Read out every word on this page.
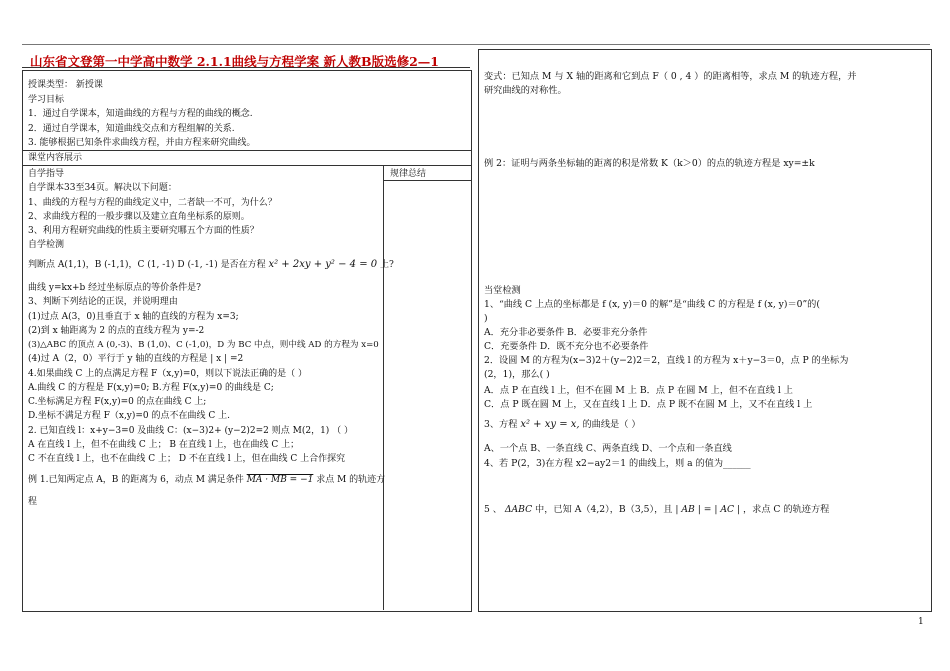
山东省文登第一中学高中数学 2.1.1曲线与方程学案 新人教B版选修2—1
授课类型： 新授课
学习目标
1．通过自学课本，知道曲线的方程与方程的曲线的概念.
2．通过自学课本，知道曲线交点和方程组解的关系.
3. 能够根据已知条件求曲线方程，并由方程来研究曲线。
课堂内容展示
规律总结
自学指导
自学课本33至34页。解决以下问题：
1、曲线的方程与方程的曲线定义中，二者缺一不可，为什么？
2、求曲线方程的一般步骤以及建立直角坐标系的原则。
3、利用方程研究曲线的性质主要研究哪五个方面的性质？
自学检测
判断点 A(1,1)，B (-1,1)，C (1, -1) D (-1, -1) 是否在方程 x² + 2xy + y² − 4 = 0 上?
曲线 y=kx+b 经过坐标原点的等价条件是?
3、判断下列结论的正误，并说明理由
(1)过点 A(3，0)且垂直于 x 轴的直线的方程为 x=3;
(2)到 x 轴距离为 2 的点的直线方程为 y=-2
(3)△ABC 的顶点 A (0,-3)、B (1,0)、C (-1,0)，D 为 BC 中点，则中线 AD 的方程为 x=0
(4)过 A（2，0）平行于 y 轴的直线的方程是 | x | =2
4.如果曲线 C 上的点满足方程 F（x,y)=0，则以下说法正确的是（ ）
A.曲线 C 的方程是 F(x,y)=0; B.方程 F(x,y)=0 的曲线是 C;
C.坐标满足方程 F(x,y)=0 的点在曲线 C 上;
D.坐标不满足方程 F（x,y)=0 的点不在曲线 C 上.
2. 已知直线 l：x+y−3=0 及曲线 C：(x−3)2+ (y−2)2=2 则点 M(2，1) （ ）
A 在直线 l 上，但不在曲线 C 上； B 在直线 l 上，也在曲线 C 上；
C 不在直线 l 上，也不在曲线 C 上； D 不在直线 l 上，但在曲线 C 上合作探究
例 1.已知两定点 A，B 的距离为 6，动点 M 满足条件 MA · MB = −1 求点 M 的轨迹方
程
变式：已知点 M 与 X 轴的距离和它到点 F（ 0 , 4 ）的距离相等，求点 M 的轨迹方程，并
研究曲线的对称性。
例 2：证明与两条坐标轴的距离的积是常数 K（k＞0）的点的轨迹方程是 xy=±k
当堂检测
1、“曲线 C 上点的坐标都是 f (x, y)＝0 的解”是“曲线 C 的方程是 f (x, y)＝0”的(
)
A．充分非必要条件 B．必要非充分条件
C．充要条件 D．既不充分也不必要条件
2．设圆 M 的方程为(x−3)2＋(y−2)2＝2，直线 l 的方程为 x＋y−3＝0，点 P 的坐标为
(2，1)，那么( )
A．点 P 在直线 l 上，但不在圆 M 上 B．点 P 在圆 M 上，但不在直线 l 上
C．点 P 既在圆 M 上，又在直线 l 上 D．点 P 既不在圆 M 上，又不在直线 l 上
3、方程 x² + xy = x, 的曲线是（ ）
A、一个点 B、一条直线 C、两条直线 D、一个点和一条直线
4、若 P(2，3)在方程 x2−ay2＝1 的曲线上，则 a 的值为______
5 、 ΔABC 中，已知 A（4,2），B（3,5），且 | AB | = | AC | ，求点 C 的轨迹方程
1
